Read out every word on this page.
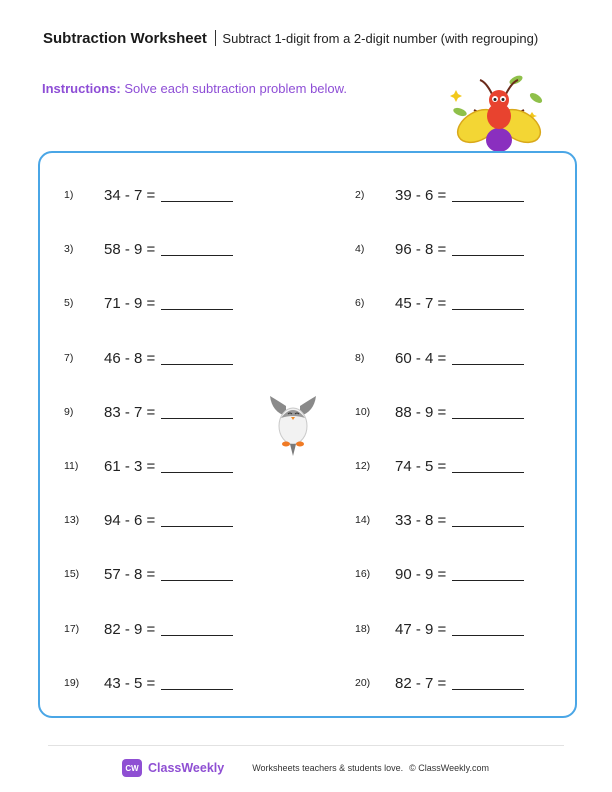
Subtraction Worksheet Subtract 1-digit from a 2-digit number (with regrouping)
Instructions: Solve each subtraction problem below.
1)	34 - 7 =	2)	39 - 6 =
3)	58 - 9 =	4)	96 - 8 =
5)	71 - 9 =	6)	45 - 7 =
7)	46 - 8 =	8)	60 - 4 =
9)	83 - 7 =	10)	88 - 9 =
11)	61 - 3 =	12)	74 - 5 =
13)	94 - 6 =	14)	33 - 8 =
15)	57 - 8 =	16)	90 - 9 =
17)	82 - 9 =	18)	47 - 9 =
19)	43 - 5 =	20)	82 - 7 =
CW ClassWeekly	Worksheets teachers & students love. © ClassWeekly.com
